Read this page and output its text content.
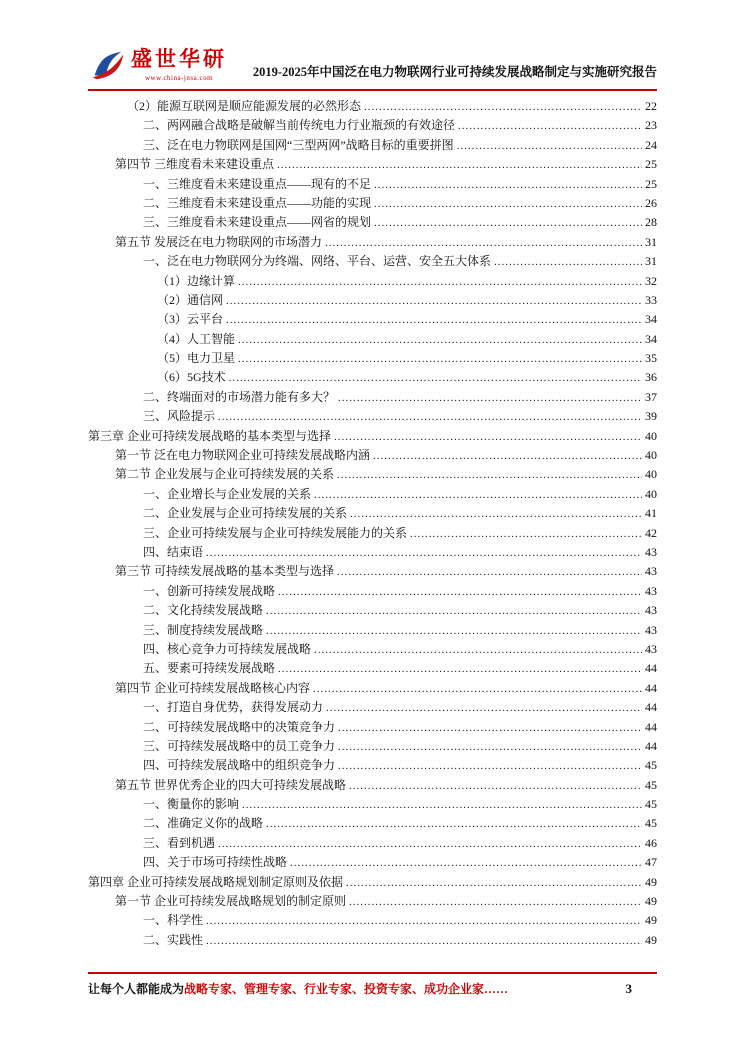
盛世华研
www.china-jnsa.com	2019-2025年中国泛在电力物联网行业可持续发展战略制定与实施研究报告
（2）能源互联网是顺应能源发展的必然形态 .....	22
二、两网融合战略是破解当前传统电力行业瓶颈的有效途径 .....	23
三、泛在电力物联网是国网“三型两网”战略目标的重要拼图 .....	24
第四节 三维度看未来建设重点 .....	25
一、三维度看未来建设重点——现有的不足 .....	25
二、三维度看未来建设重点——功能的实现 .....	26
三、三维度看未来建设重点——网省的规划 .....	28
第五节 发展泛在电力物联网的市场潜力 .....	31
一、泛在电力物联网分为终端、网络、平台、运营、安全五大体系 .....	31
（1）边缘计算 .....	32
（2）通信网 .....	33
（3）云平台 .....	34
（4）人工智能 .....	34
（5）电力卫星 .....	35
（6）5G技术 .....	36
二、终端面对的市场潜力能有多大？ .....	37
三、风险提示 .....	39
第三章 企业可持续发展战略的基本类型与选择 .....	40
第一节 泛在电力物联网企业可持续发展战略内涵 .....	40
第二节 企业发展与企业可持续发展的关系 .....	40
一、企业增长与企业发展的关系 .....	40
二、企业发展与企业可持续发展的关系 .....	41
三、企业可持续发展与企业可持续发展能力的关系 .....	42
四、结束语 .....	43
第三节 可持续发展战略的基本类型与选择 .....	43
一、创新可持续发展战略 .....	43
二、文化持续发展战略 .....	43
三、制度持续发展战略 .....	43
四、核心竞争力可持续发展战略 .....	43
五、要素可持续发展战略 .....	44
第四节 企业可持续发展战略核心内容 .....	44
一、打造自身优势，获得发展动力 .....	44
二、可持续发展战略中的决策竞争力 .....	44
三、可持续发展战略中的员工竞争力 .....	44
四、可持续发展战略中的组织竞争力 .....	45
第五节 世界优秀企业的四大可持续发展战略 .....	45
一、衡量你的影响 .....	45
二、准确定义你的战略 .....	45
三、看到机遇 .....	46
四、关于市场可持续性战略 .....	47
第四章 企业可持续发展战略规划制定原则及依据 .....	49
第一节 企业可持续发展战略规划的制定原则 .....	49
一、科学性 .....	49
二、实践性 .....	49
让每个人都能成为战略专家、管理专家、行业专家、投资专家、成功企业家……	3
